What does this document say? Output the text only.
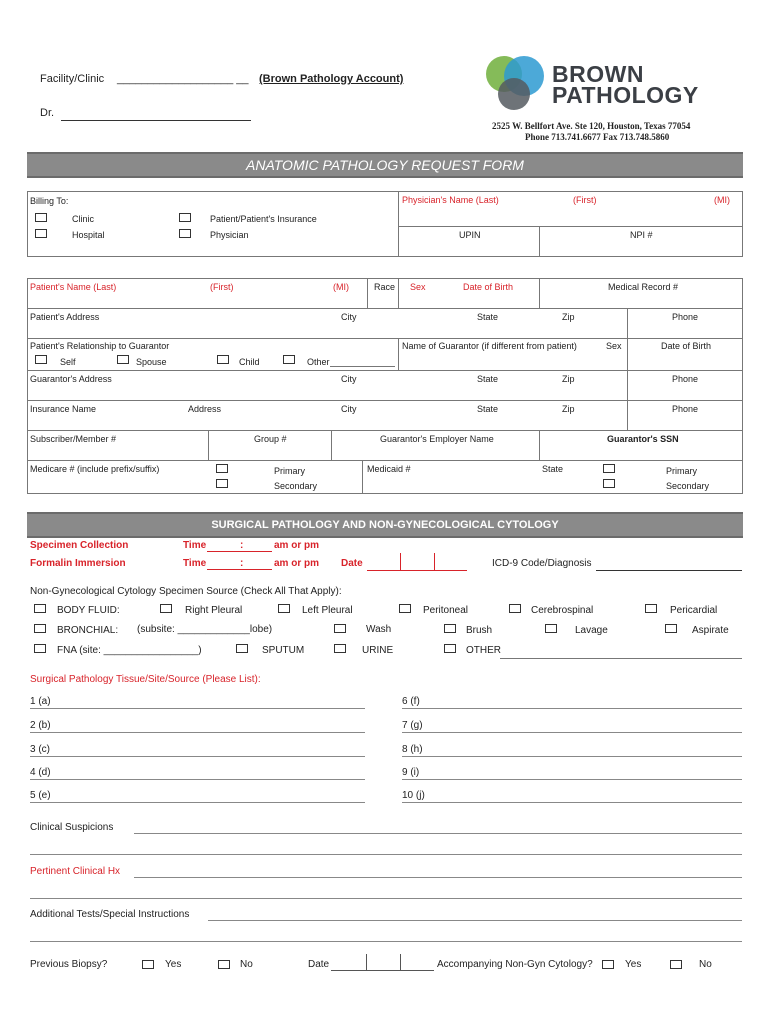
Facility/Clinic ___________________ __ (Brown Pathology Account)
Dr.
BROWN
PATHOLOGY
2525 W. Bellfort Ave. Ste 120, Houston, Texas 77054
Phone 713.741.6677 Fax 713.748.5860
ANATOMIC PATHOLOGY REQUEST FORM
Billing To:
Clinic
Hospital
Patient/Patient's Insurance
Physician
Physician's Name (Last)	(First)	(MI)
UPIN	NPI #
Patient's Name (Last)	(First)	(MI)	Race Sex	Date of Birth	Medical Record #
Patient's Address	City	State	Zip	Phone
Patient's Relationship to Guarantor
Self	Spouse	Child	Other
Name of Guarantor (if different from patient)	Sex	Date of Birth
Guarantor's Address	City	State	Zip	Phone
Insurance Name	Address	City	State	Zip	Phone
Subscriber/Member #	Group #	Guarantor's Employer Name	Guarantor's SSN
Medicare # (include prefix/suffix)	Primary
Secondary
Medicaid #	State	Primary
Secondary
SURGICAL PATHOLOGY AND NON-GYNECOLOGICAL CYTOLOGY
Specimen Collection	Time	:	am or pm
Formalin Immersion	Time	:	am or pm Date	ICD-9 Code/Diagnosis
Non-Gynecological Cytology Specimen Source (Check All That Apply):
BODY FLUID:	Right Pleural	Left Pleural	Peritoneal	Cerebrospinal	Pericardial
BRONCHIAL: (subsite: _____________lobe)	Wash	Brush	Lavage	Aspirate
FNA (site: _________________)	SPUTUM	URINE	OTHER
Surgical Pathology Tissue/Site/Source (Please List):
1 (a)	6 (f)
2 (b)	7 (g)
3 (c)	8 (h)
4 (d)	9 (i)
5 (e)	10 (j)
Clinical Suspicions
Pertinent Clinical Hx
Additional Tests/Special Instructions
Previous Biopsy?	Yes	No	Date	Accompanying Non-Gyn Cytology?	Yes	No
